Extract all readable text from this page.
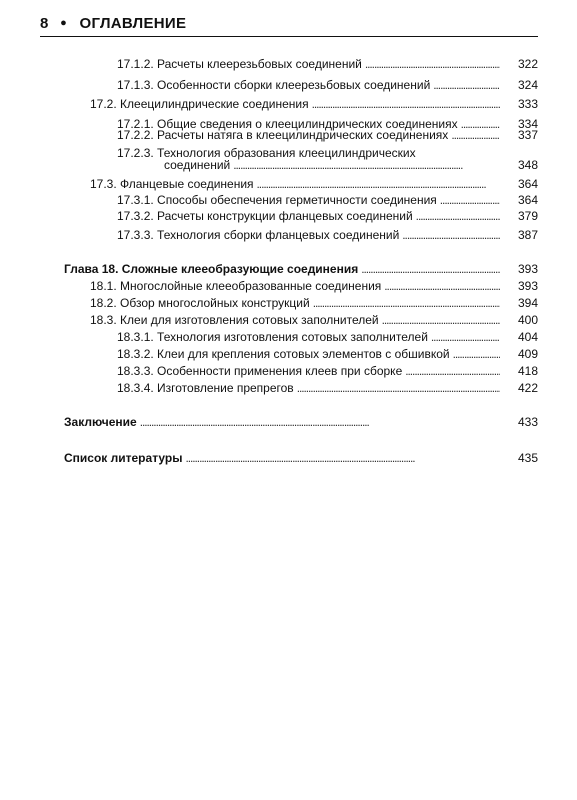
8 ● ОГЛАВЛЕНИЕ
17.1.2. Расчеты клеерезьбовых соединений . . .	322
17.1.3. Особенности сборки клеерезьбовых соединений . . .	324
17.2. Клеецилиндрические соединения . . .	333
17.2.1. Общие сведения о клеецилиндрических соединениях . . .	334
17.2.2. Расчеты натяга в клеецилиндрических соединениях . . .	337
17.2.3. Технология образования клеецилиндрических
соединений . . .	348
17.3. Фланцевые соединения . . .	364
17.3.1. Способы обеспечения герметичности соединения . . .	364
17.3.2. Расчеты конструкции фланцевых соединений . . .	379
17.3.3. Технология сборки фланцевых соединений . . .	387
Глава 18. Сложные клееобразующие соединения . . .	393
18.1. Многослойные клееобразованные соединения . . .	393
18.2. Обзор многослойных конструкций . . .	394
18.3. Клеи для изготовления сотовых заполнителей . . .	400
18.3.1. Технология изготовления сотовых заполнителей . . .	404
18.3.2. Клеи для крепления сотовых элементов с обшивкой . . .	409
18.3.3. Особенности применения клеев при сборке . . .	418
18.3.4. Изготовление препрегов . . .	422
Заключение . . .	433
Список литературы . . .	435
